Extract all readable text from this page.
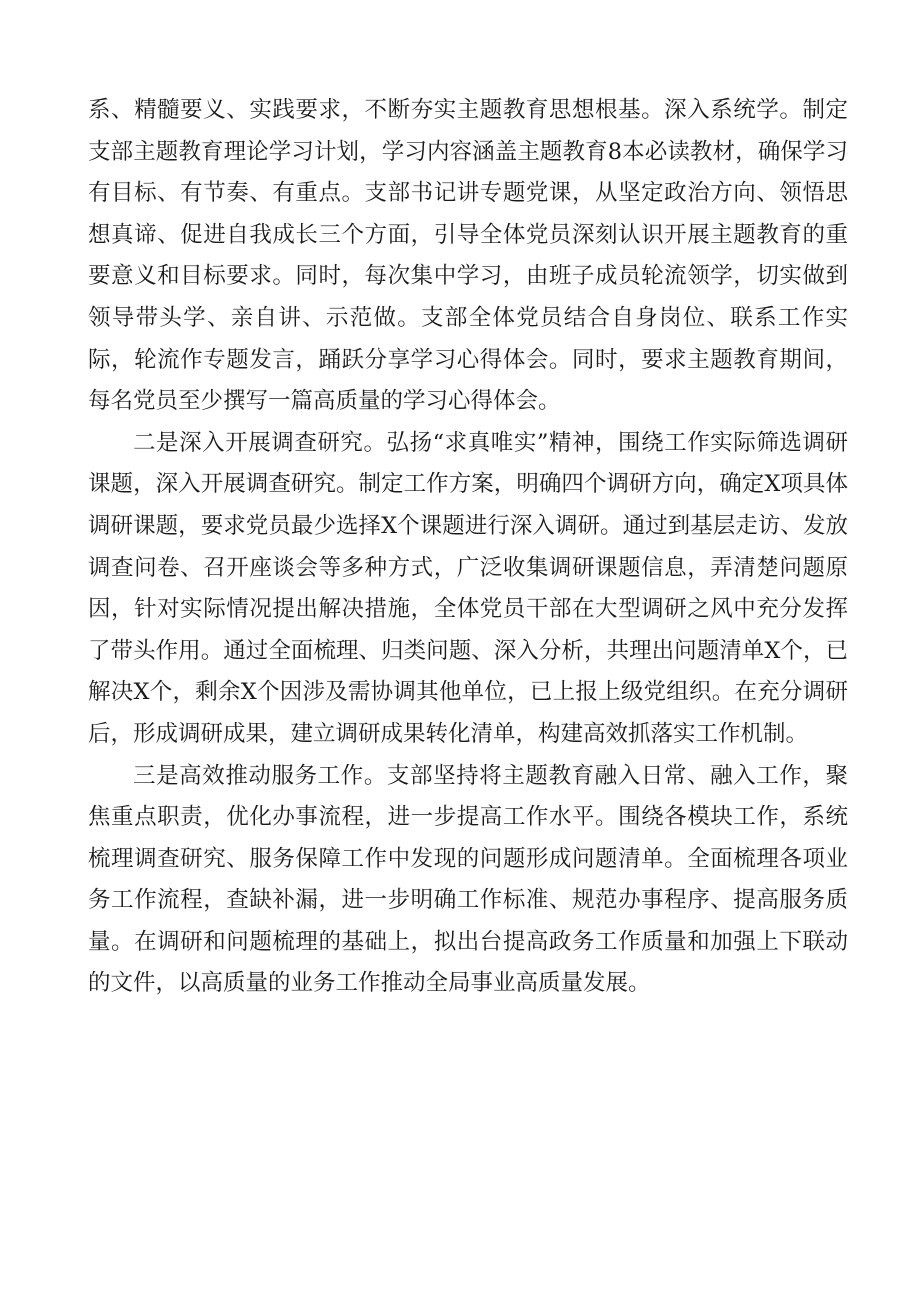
系、精髓要义、实践要求，不断夯实主题教育思想根基。深入系统学。制定支部主题教育理论学习计划，学习内容涵盖主题教育8本必读教材，确保学习有目标、有节奏、有重点。支部书记讲专题党课，从坚定政治方向、领悟思想真谛、促进自我成长三个方面，引导全体党员深刻认识开展主题教育的重要意义和目标要求。同时，每次集中学习，由班子成员轮流领学，切实做到领导带头学、亲自讲、示范做。支部全体党员结合自身岗位、联系工作实际，轮流作专题发言，踊跃分享学习心得体会。同时，要求主题教育期间，每名党员至少撰写一篇高质量的学习心得体会。

二是深入开展调查研究。弘扬“求真唯实”精神，围绕工作实际筛选调研课题，深入开展调查研究。制定工作方案，明确四个调研方向，确定X项具体调研课题，要求党员最少选择X个课题进行深入调研。通过到基层走访、发放调查问卷、召开座谈会等多种方式，广泛收集调研课题信息，弄清楚问题原因，针对实际情况提出解决措施，全体党员干部在大型调研之风中充分发挥了带头作用。通过全面梳理、归类问题、深入分析，共理出问题清单X个，已解决X个，剩余X个因涉及需协调其他单位，已上报上级党组织。在充分调研后，形成调研成果，建立调研成果转化清单，构建高效抓落实工作机制。

三是高效推动服务工作。支部坚持将主题教育融入日常、融入工作，聚焦重点职责，优化办事流程，进一步提高工作水平。围绕各模块工作，系统梳理调查研究、服务保障工作中发现的问题形成问题清单。全面梳理各项业务工作流程，查缺补漏，进一步明确工作标准、规范办事程序、提高服务质量。在调研和问题梳理的基础上，拟出台提高政务工作质量和加强上下联动的文件，以高质量的业务工作推动全局事业高质量发展。
